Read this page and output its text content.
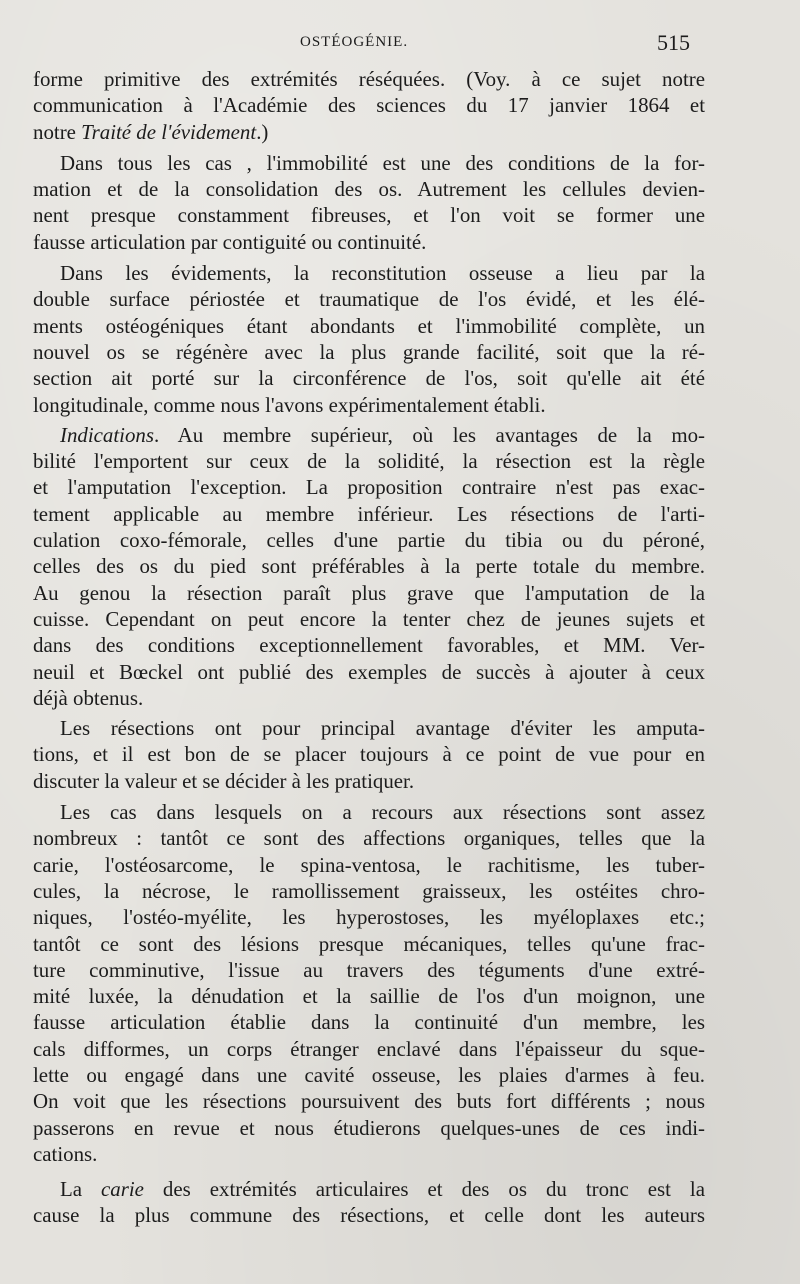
OSTÉOGÉNIE.	515
forme primitive des extrémités réséquées. (Voy. à ce sujet notre
communication à l'Académie des sciences du 17 janvier 1864 et
notre Traité de l'évidement.)
Dans tous les cas , l'immobilité est une des conditions de la for-
mation et de la consolidation des os. Autrement les cellules devien-
nent presque constamment fibreuses, et l'on voit se former une
fausse articulation par contiguité ou continuité.
Dans les évidements, la reconstitution osseuse a lieu par la
double surface périostée et traumatique de l'os évidé, et les élé-
ments ostéogéniques étant abondants et l'immobilité complète, un
nouvel os se régénère avec la plus grande facilité, soit que la ré-
section ait porté sur la circonférence de l'os, soit qu'elle ait été
longitudinale, comme nous l'avons expérimentalement établi.
Indications. Au membre supérieur, où les avantages de la mo-
bilité l'emportent sur ceux de la solidité, la résection est la règle
et l'amputation l'exception. La proposition contraire n'est pas exac-
tement applicable au membre inférieur. Les résections de l'arti-
culation coxo-fémorale, celles d'une partie du tibia ou du péroné,
celles des os du pied sont préférables à la perte totale du membre.
Au genou la résection paraît plus grave que l'amputation de la
cuisse. Cependant on peut encore la tenter chez de jeunes sujets et
dans des conditions exceptionnellement favorables, et MM. Ver-
neuil et Bœckel ont publié des exemples de succès à ajouter à ceux
déjà obtenus.
Les résections ont pour principal avantage d'éviter les amputa-
tions, et il est bon de se placer toujours à ce point de vue pour en
discuter la valeur et se décider à les pratiquer.
Les cas dans lesquels on a recours aux résections sont assez
nombreux : tantôt ce sont des affections organiques, telles que la
carie, l'ostéosarcome, le spina-ventosa, le rachitisme, les tuber-
cules, la nécrose, le ramollissement graisseux, les ostéites chro-
niques, l'ostéo-myélite, les hyperostoses, les myéloplaxes etc.;
tantôt ce sont des lésions presque mécaniques, telles qu'une frac-
ture comminutive, l'issue au travers des téguments d'une extré-
mité luxée, la dénudation et la saillie de l'os d'un moignon, une
fausse articulation établie dans la continuité d'un membre, les
cals difformes, un corps étranger enclavé dans l'épaisseur du sque-
lette ou engagé dans une cavité osseuse, les plaies d'armes à feu.
On voit que les résections poursuivent des buts fort différents ; nous
passerons en revue et nous étudierons quelques-unes de ces indi-
cations.
La carie des extrémités articulaires et des os du tronc est la
cause la plus commune des résections, et celle dont les auteurs
